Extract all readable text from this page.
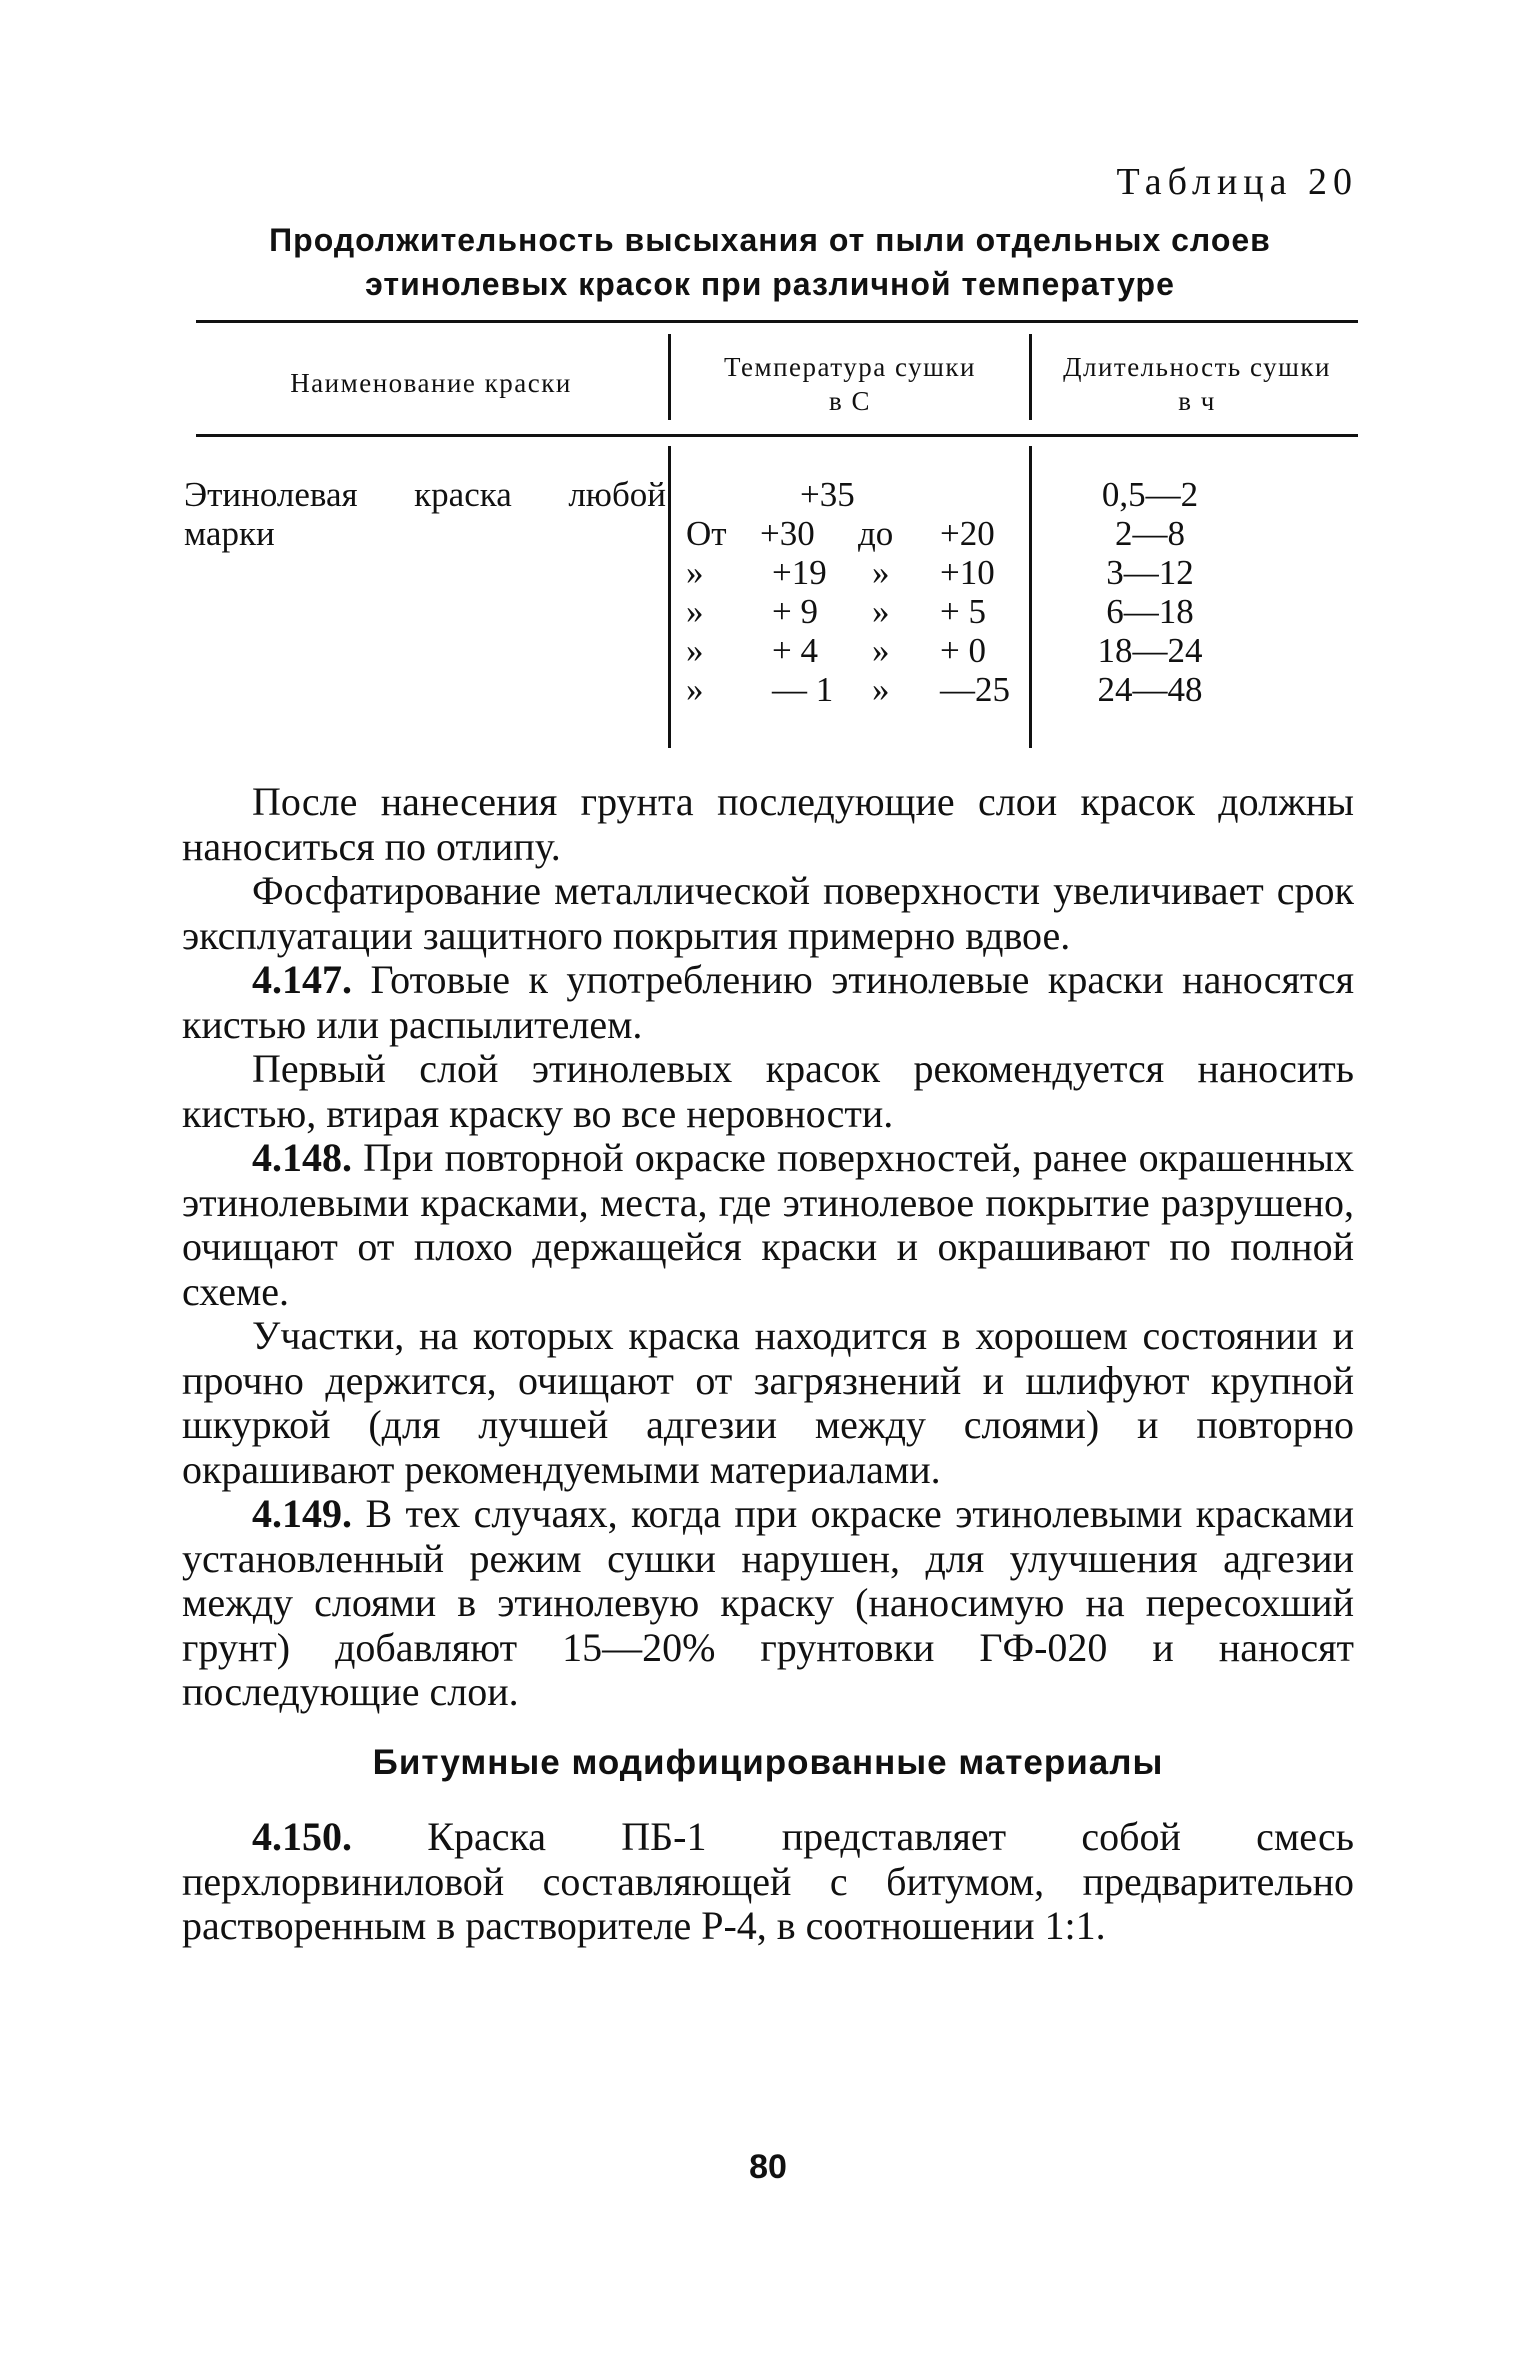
Таблица 20
Продолжительность высыхания от пыли отдельных слоев
этинолевых красок при различной температуре
Наименование краски
Температура сушки
в С
Длительность сушки
в ч
Этинолевая краска любой
марки
+35
От +30 до +20
» +19 » +10
» + 9 » + 5
» + 4 » + 0
» — 1 » —25
0,5—2
2—8
3—12
6—18
18—24
24—48

После нанесения грунта последующие слои красок должны наноситься по отлипу.

Фосфатирование металлической поверхности увеличивает срок эксплуатации защитного покрытия примерно вдвое.

4.147. Готовые к употреблению этинолевые краски наносятся кистью или распылителем.

Первый слой этинолевых красок рекомендуется наносить кистью, втирая краску во все неровности.

4.148. При повторной окраске поверхностей, ранее окрашенных этинолевыми красками, места, где этинолевое покрытие разрушено, очищают от плохо держащейся краски и окрашивают по полной схеме.

Участки, на которых краска находится в хорошем состоянии и прочно держится, очищают от загрязнений и шлифуют крупной шкуркой (для лучшей адгезии между слоями) и повторно окрашивают рекомендуемыми материалами.

4.149. В тех случаях, когда при окраске этинолевыми красками установленный режим сушки нарушен, для улучшения адгезии между слоями в этинолевую краску (наносимую на пересохший грунт) добавляют 15—20% грунтовки ГФ-020 и наносят последующие слои.

Битумные модифицированные материалы

4.150. Краска ПБ-1 представляет собой смесь перхлорвиниловой составляющей с битумом, предварительно растворенным в растворителе Р-4, в соотношении 1:1.

80
